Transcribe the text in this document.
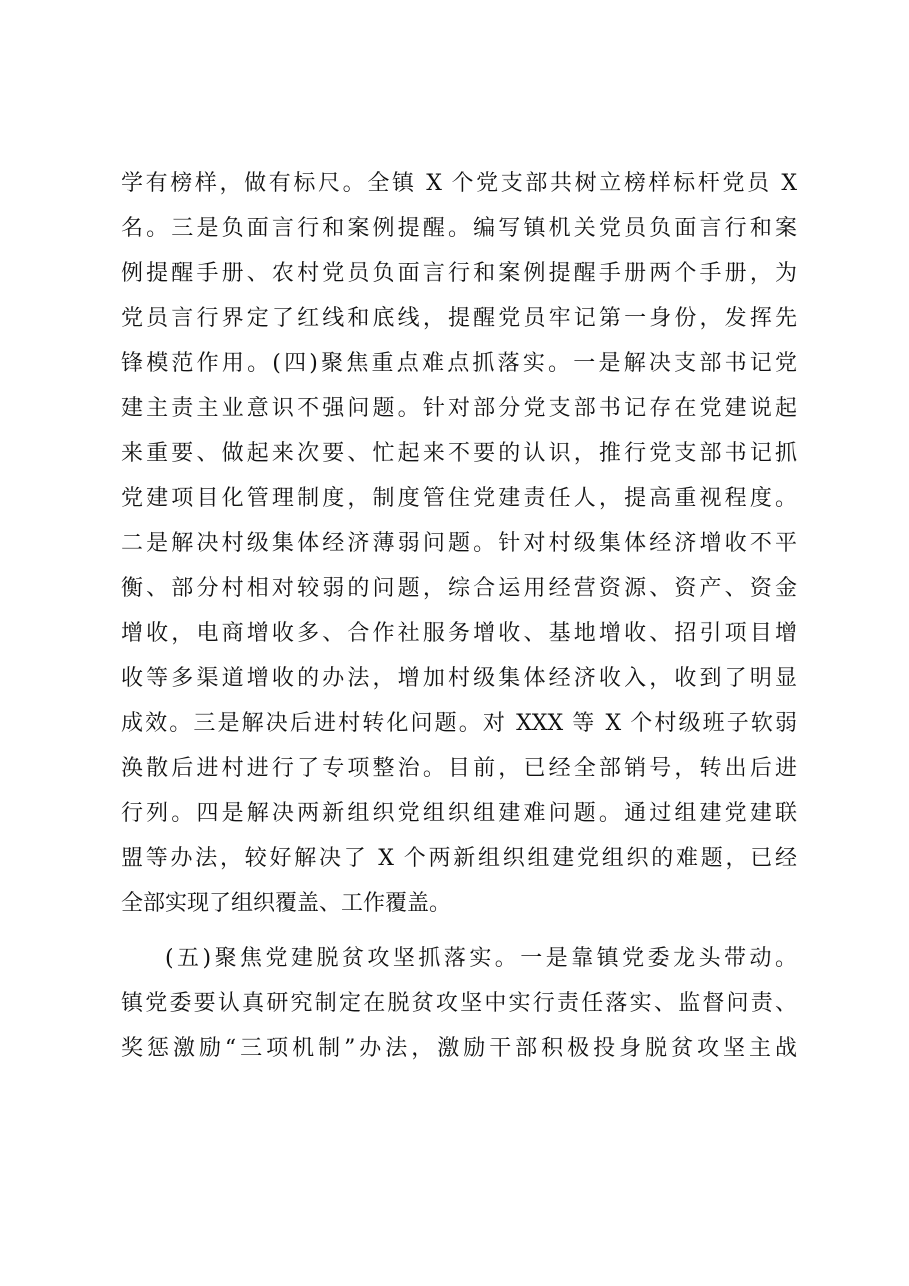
学有榜样，做有标尺。全镇 X 个党支部共树立榜样标杆党员 X
名。三是负面言行和案例提醒。编写镇机关党员负面言行和案
例提醒手册、农村党员负面言行和案例提醒手册两个手册，为
党员言行界定了红线和底线，提醒党员牢记第一身份，发挥先
锋模范作用。(四)聚焦重点难点抓落实。一是解决支部书记党
建主责主业意识不强问题。针对部分党支部书记存在党建说起
来重要、做起来次要、忙起来不要的认识，推行党支部书记抓
党建项目化管理制度，制度管住党建责任人，提高重视程度。
二是解决村级集体经济薄弱问题。针对村级集体经济增收不平
衡、部分村相对较弱的问题，综合运用经营资源、资产、资金
增收，电商增收多、合作社服务增收、基地增收、招引项目增
收等多渠道增收的办法，增加村级集体经济收入，收到了明显
成效。三是解决后进村转化问题。对 XXX 等 X 个村级班子软弱
涣散后进村进行了专项整治。目前，已经全部销号，转出后进
行列。四是解决两新组织党组织组建难问题。通过组建党建联
盟等办法，较好解决了 X 个两新组织组建党组织的难题，已经
全部实现了组织覆盖、工作覆盖。
(五)聚焦党建脱贫攻坚抓落实。一是靠镇党委龙头带动。
镇党委要认真研究制定在脱贫攻坚中实行责任落实、监督问责、
奖惩激励“三项机制”办法，激励干部积极投身脱贫攻坚主战
